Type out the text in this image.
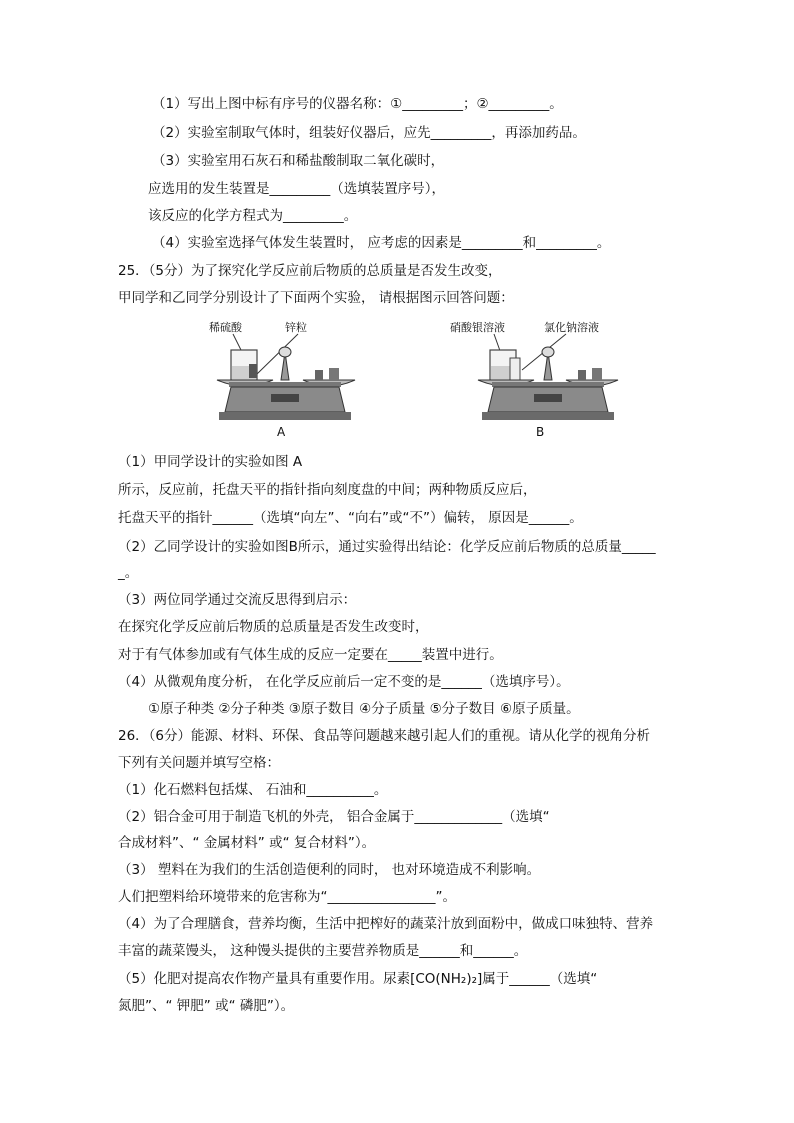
（1）写出上图中标有序号的仪器名称：①_________；②_________。
（2）实验室制取气体时，组装好仪器后，应先_________，再添加药品。
（3）实验室用石灰石和稀盐酸制取二氧化碳时，
应选用的发生装置是_________（选填装置序号），
该反应的化学方程式为_________。
（4）实验室选择气体发生装置时， 应考虑的因素是_________和_________。
25．（5分）为了探究化学反应前后物质的总质量是否发生改变，
甲同学和乙同学分别设计了下面两个实验， 请根据图示回答问题：
稀硫酸	锌粒
A
硝酸银溶液	氯化钠溶液
B
（1）甲同学设计的实验如图 A
所示，反应前，托盘天平的指针指向刻度盘的中间；两种物质反应后，
托盘天平的指针______（选填“向左”、“向右”或“不”）偏转， 原因是______。
（2）乙同学设计的实验如图B所示，通过实验得出结论：化学反应前后物质的总质量_____
_。
（3）两位同学通过交流反思得到启示：
在探究化学反应前后物质的总质量是否发生改变时，
对于有气体参加或有气体生成的反应一定要在_____装置中进行。
（4）从微观角度分析， 在化学反应前后一定不变的是______（选填序号）。
①原子种类 ②分子种类 ③原子数目 ④分子质量 ⑤分子数目 ⑥原子质量。
26．（6分）能源、材料、环保、食品等问题越来越引起人们的重视。请从化学的视角分析
下列有关问题并填写空格：
（1）化石燃料包括煤、 石油和__________。
（2）铝合金可用于制造飞机的外壳， 铝合金属于_____________（选填“
合成材料”、“ 金属材料” 或“ 复合材料”）。
（3） 塑料在为我们的生活创造便利的同时， 也对环境造成不利影响。
人们把塑料给环境带来的危害称为“________________”。
（4）为了合理膳食，营养均衡，生活中把榨好的蔬菜汁放到面粉中，做成口味独特、营养
丰富的蔬菜馒头， 这种馒头提供的主要营养物质是______和______。
（5）化肥对提高农作物产量具有重要作用。尿素[CO(NH₂)₂]属于______（选填“
氮肥”、“ 钾肥” 或“ 磷肥”）。
